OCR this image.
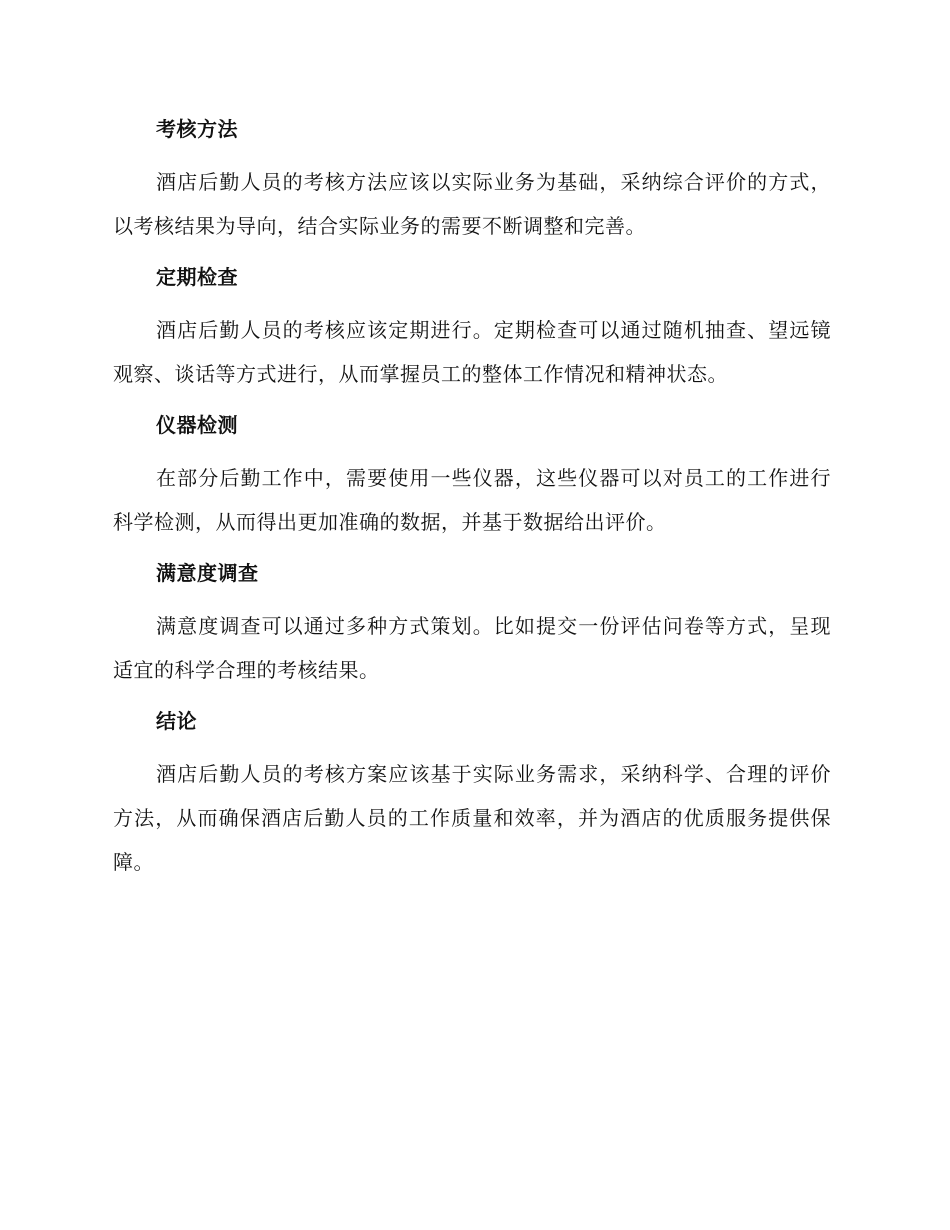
考核方法

酒店后勤人员的考核方法应该以实际业务为基础，采纳综合评价的方式，以考核结果为导向，结合实际业务的需要不断调整和完善。

定期检查

酒店后勤人员的考核应该定期进行。定期检查可以通过随机抽查、望远镜观察、谈话等方式进行，从而掌握员工的整体工作情况和精神状态。

仪器检测

在部分后勤工作中，需要使用一些仪器，这些仪器可以对员工的工作进行科学检测，从而得出更加准确的数据，并基于数据给出评价。

满意度调查

满意度调查可以通过多种方式策划。比如提交一份评估问卷等方式，呈现适宜的科学合理的考核结果。

结论

酒店后勤人员的考核方案应该基于实际业务需求，采纳科学、合理的评价方法，从而确保酒店后勤人员的工作质量和效率，并为酒店的优质服务提供保障。
